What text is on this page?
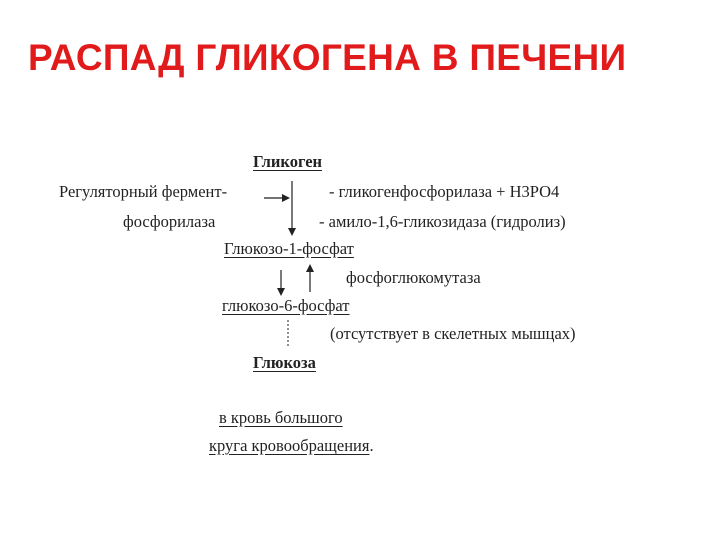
РАСПАД ГЛИКОГЕНА В ПЕЧЕНИ
Гликоген
Регуляторный фермент-
фосфорилаза
- гликогенфосфорилаза + Н3РО4
- амило-1,6-гликозидаза (гидролиз)
Глюкозо-1-фосфат
фосфоглюкомутаза
глюкозо-6-фосфат
(отсутствует в скелетных мышцах)
Глюкоза
в кровь большого
круга кровообращения.
